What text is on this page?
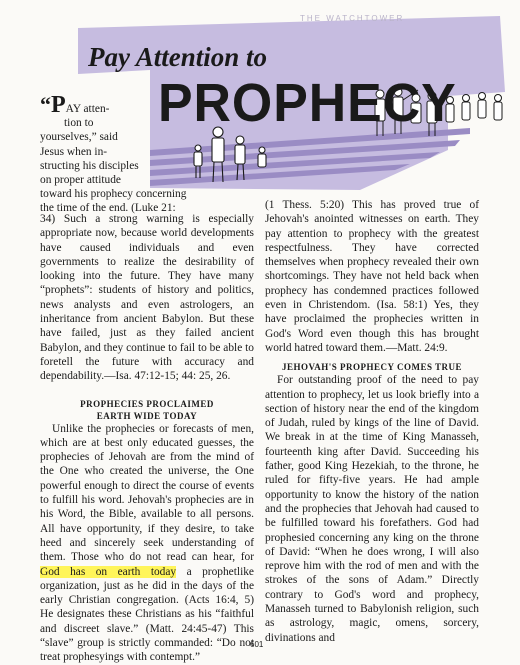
THE WATCHTOWER
Pay Attention to
PROPHECY
“PAY atten-
tion to
yourselves,” said
Jesus when in-
structing his disciples
on proper attitude
toward his prophecy concerning
the time of the end. (Luke 21:

34) Such a strong warning is especially appropriate now, because world developments have caused individuals and even governments to realize the desirability of looking into the future. They have many “prophets”: students of history and politics, news analysts and even astrologers, an inheritance from ancient Babylon. But these have failed, just as they failed ancient Babylon, and they continue to fail to be able to foretell the future with accuracy and dependability.—Isa. 47:12-15; 44: 25, 26.

PROPHECIES PROCLAIMED

EARTH WIDE TODAY

Unlike the prophecies or forecasts of men, which are at best only educated guesses, the prophecies of Jehovah are from the mind of the One who created the universe, the One powerful enough to direct the course of events to fulfill his word. Jehovah's prophecies are in his Word, the Bible, available to all persons. All have opportunity, if they desire, to take heed and sincerely seek understanding of them. Those who do not read can hear, for God has on earth today a prophetlike organization, just as he did in the days of the early Christian congregation. (Acts 16:4, 5) He designates these Christians as his “faithful and discreet slave.” (Matt. 24:45-47) This “slave” group is strictly commanded: “Do not treat prophesyings with contempt.”

(1 Thess. 5:20) This has proved true of Jehovah's anointed witnesses on earth. They pay attention to prophecy with the greatest respectfulness. They have corrected themselves when prophecy revealed their own shortcomings. They have not held back when prophecy has condemned practices followed even in Christendom. (Isa. 58:1) Yes, they have proclaimed the prophecies written in God's Word even though this has brought world hatred toward them.—Matt. 24:9.

JEHOVAH'S PROPHECY COMES TRUE

For outstanding proof of the need to pay attention to prophecy, let us look briefly into a section of history near the end of the kingdom of Judah, ruled by kings of the line of David. We break in at the time of King Manasseh, fourteenth king after David. Succeeding his father, good King Hezekiah, to the throne, he ruled for fifty-five years. He had ample opportunity to know the history of the nation and the prophecies that Jehovah had caused to be fulfilled toward his forefathers. God had prophesied concerning any king on the throne of David: “When he does wrong, I will also reprove him with the rod of men and with the strokes of the sons of Adam.” Directly contrary to God's word and prophecy, Manasseh turned to Babylonish religion, such as astrology, magic, omens, sorcery, divinations and

601
